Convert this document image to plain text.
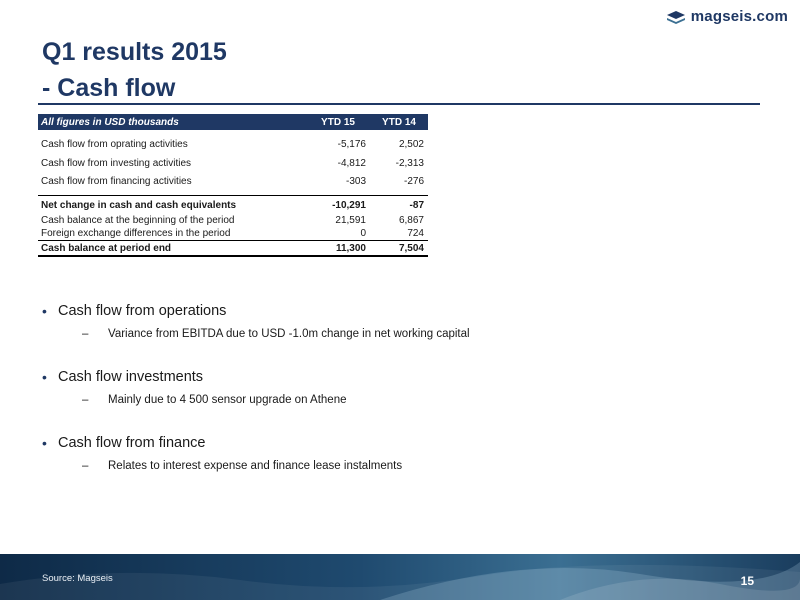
magseis.com
Q1 results 2015
- Cash flow
All figures in USD thousands	YTD 15	YTD 14

Cash flow from oprating activities	-5,176	2,502
Cash flow from investing activities	-4,812	-2,313
Cash flow from financing activities	-303	-276

Net change in cash and cash equivalents	-10,291	-87
Cash balance at the beginning of the period	21,591	6,867
Foreign exchange differences in the period	0	724
Cash balance at period end	11,300	7,504
• Cash flow from operations
–	Variance from EBITDA due to USD -1.0m change in net working capital
• Cash flow investments
–	Mainly due to 4 500 sensor upgrade on Athene
• Cash flow from finance
–	Relates to interest expense and finance lease instalments
Source: Magseis	15
